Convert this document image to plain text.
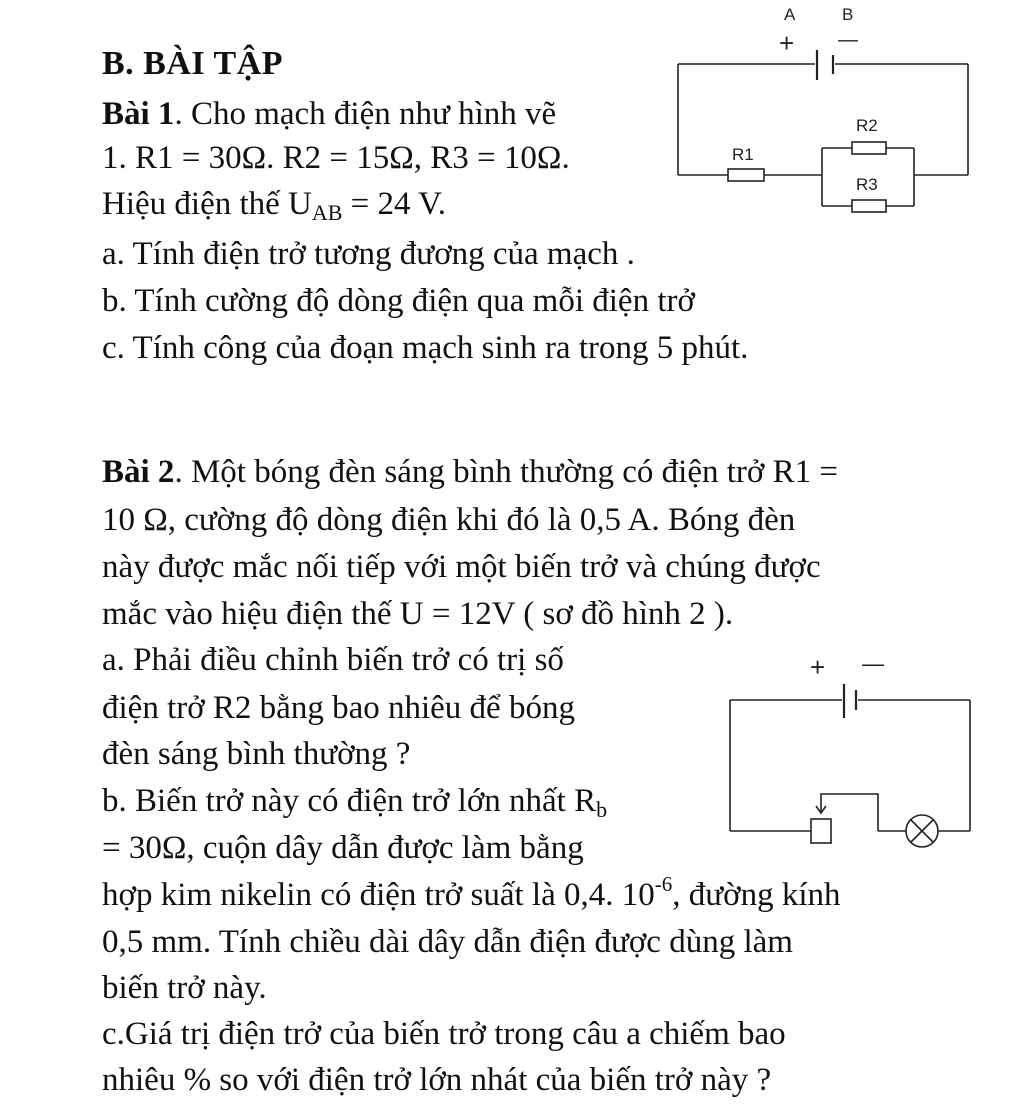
B. BÀI TẬP
Bài 1. Cho mạch điện như hình vẽ
1. R1 = 30Ω. R2 = 15Ω, R3 = 10Ω.
Hiệu điện thế $U_{AB} = 24$ V.
a. Tính điện trở tương đương của mạch .
b. Tính cường độ dòng điện qua mỗi điện trở
c. Tính công của đoạn mạch sinh ra trong 5 phút.
A	B
+ —
R1
R2
R3
Bài 2. Một bóng đèn sáng bình thường có điện trở R1 =
10 Ω, cường độ dòng điện khi đó là 0,5 A. Bóng đèn
này được mắc nối tiếp với một biến trở và chúng được
mắc vào hiệu điện thế U = 12V ( sơ đồ hình 2 ).
a. Phải điều chỉnh biến trở có trị số
điện trở R2 bằng bao nhiêu để bóng
đèn sáng bình thường ?
b. Biến trở này có điện trở lớn nhất $R_b$
= 30Ω, cuộn dây dẫn được làm bằng
hợp kim nikelin có điện trở suất là 0,4. $10^{-6}$, đường kính
0,5 mm. Tính chiều dài dây dẫn điện được dùng làm
biến trở này.
c.Giá trị điện trở của biến trở trong câu a chiếm bao
nhiêu % so với điện trở lớn nhát của biến trở này ?
+ —
